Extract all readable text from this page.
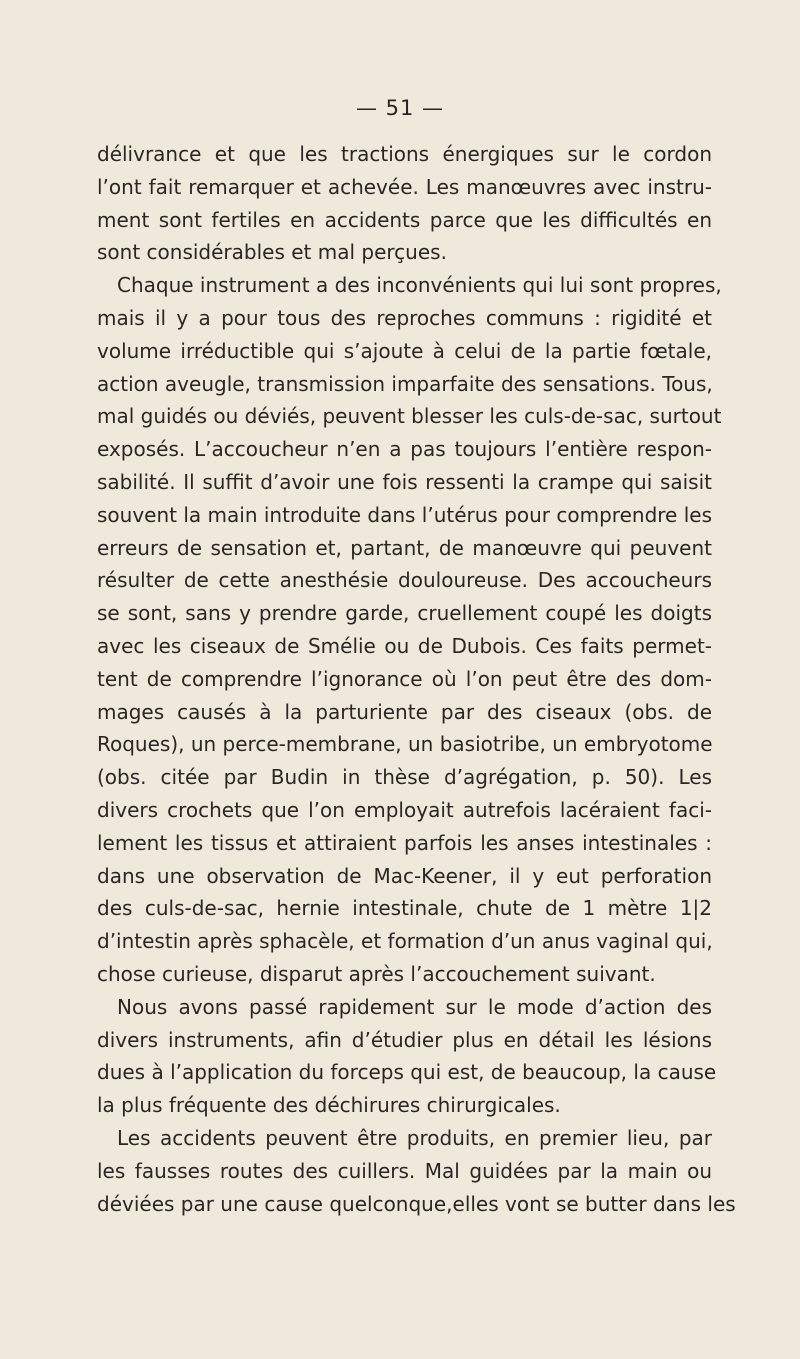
— 51 —
délivrance et que les tractions énergiques sur le cordon
l’ont fait remarquer et achevée. Les manœuvres avec instru-
ment sont fertiles en accidents parce que les difficultés en
sont considérables et mal perçues.
Chaque instrument a des inconvénients qui lui sont propres,
mais il y a pour tous des reproches communs : rigidité et
volume irréductible qui s’ajoute à celui de la partie fœtale,
action aveugle, transmission imparfaite des sensations. Tous,
mal guidés ou déviés, peuvent blesser les culs-de-sac, surtout
exposés. L’accoucheur n’en a pas toujours l’entière respon-
sabilité. Il suffit d’avoir une fois ressenti la crampe qui saisit
souvent la main introduite dans l’utérus pour comprendre les
erreurs de sensation et, partant, de manœuvre qui peuvent
résulter de cette anesthésie douloureuse. Des accoucheurs
se sont, sans y prendre garde, cruellement coupé les doigts
avec les ciseaux de Smélie ou de Dubois. Ces faits permet-
tent de comprendre l’ignorance où l’on peut être des dom-
mages causés à la parturiente par des ciseaux (obs. de
Roques), un perce-membrane, un basiotribe, un embryotome
(obs. citée par Budin in thèse d’agrégation, p. 50). Les
divers crochets que l’on employait autrefois lacéraient faci-
lement les tissus et attiraient parfois les anses intestinales :
dans une observation de Mac-Keener, il y eut perforation
des culs-de-sac, hernie intestinale, chute de 1 mètre 1|2
d’intestin après sphacèle, et formation d’un anus vaginal qui,
chose curieuse, disparut après l’accouchement suivant.
Nous avons passé rapidement sur le mode d’action des
divers instruments, afin d’étudier plus en détail les lésions
dues à l’application du forceps qui est, de beaucoup, la cause
la plus fréquente des déchirures chirurgicales.
Les accidents peuvent être produits, en premier lieu, par
les fausses routes des cuillers. Mal guidées par la main ou
déviées par une cause quelconque,elles vont se butter dans les
